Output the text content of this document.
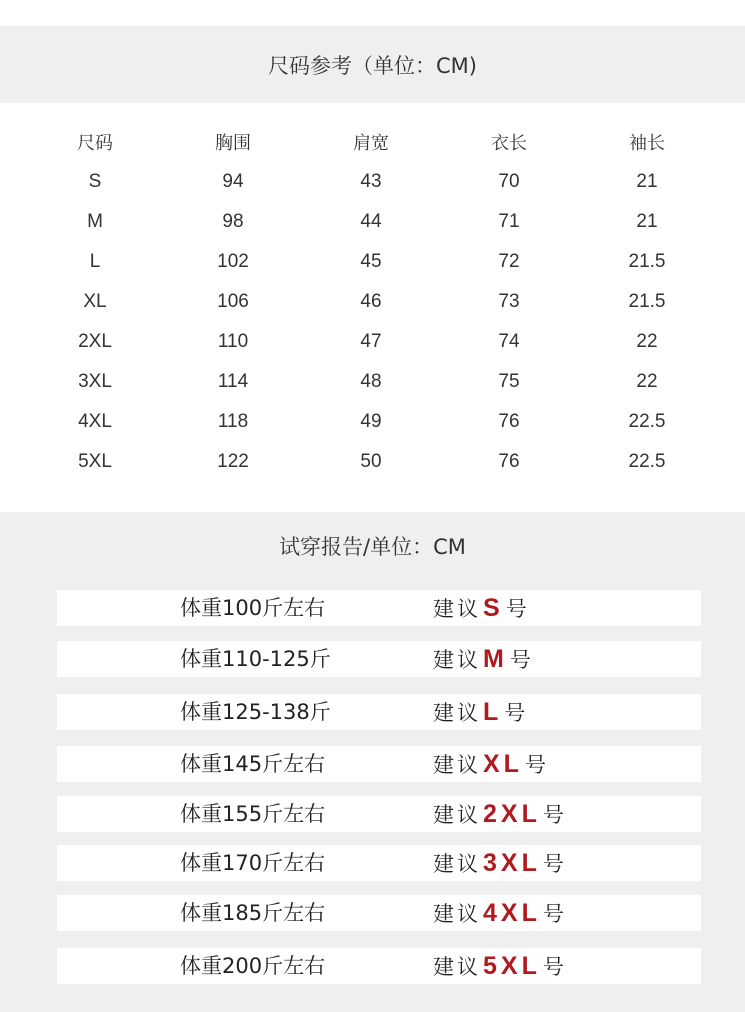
尺码参考（单位：CM)
尺码	胸围	肩宽	衣长	袖长
S	94	43	70	21
M	98	44	71	21
L	102	45	72	21.5
XL	106	46	73	21.5
2XL	110	47	74	22
3XL	114	48	75	22
4XL	118	49	76	22.5
5XL	122	50	76	22.5
试穿报告/单位：CM
体重100斤左右	建议S号
体重110-125斤	建议M号
体重125-138斤	建议L号
体重145斤左右	建议XL号
体重155斤左右	建议2XL号
体重170斤左右	建议3XL号
体重185斤左右	建议4XL号
体重200斤左右	建议5XL号
